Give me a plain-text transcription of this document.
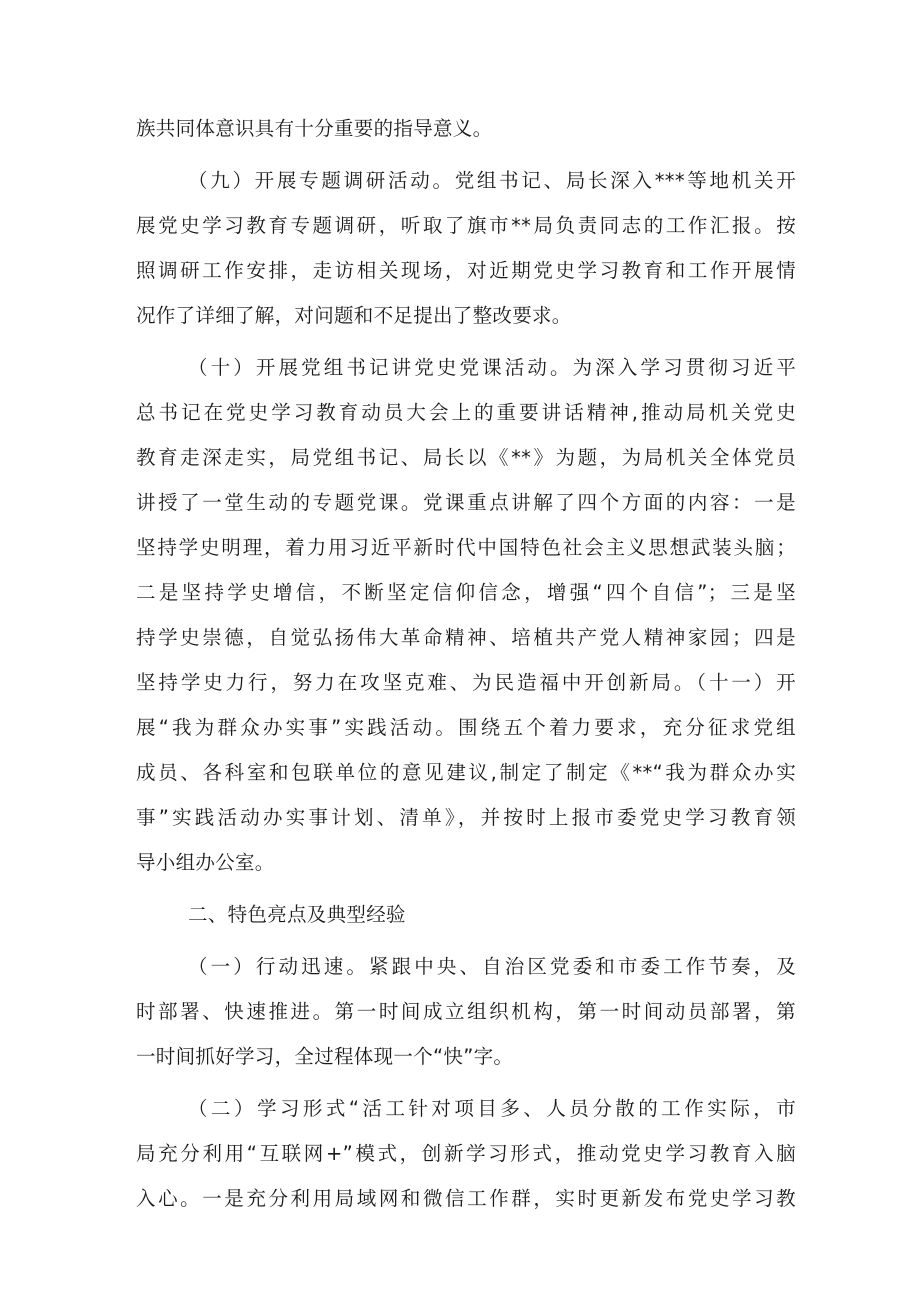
族共同体意识具有十分重要的指导意义。
（九）开展专题调研活动。党组书记、局长深入***等地机关开
展党史学习教育专题调研，听取了旗市**局负责同志的工作汇报。按
照调研工作安排，走访相关现场，对近期党史学习教育和工作开展情
况作了详细了解，对问题和不足提出了整改要求。
（十）开展党组书记讲党史党课活动。为深入学习贯彻习近平
总书记在党史学习教育动员大会上的重要讲话精神,推动局机关党史
教育走深走实，局党组书记、局长以《**》为题，为局机关全体党员
讲授了一堂生动的专题党课。党课重点讲解了四个方面的内容：一是
坚持学史明理，着力用习近平新时代中国特色社会主义思想武装头脑；
二是坚持学史增信，不断坚定信仰信念，增强“四个自信”；三是坚
持学史崇德，自觉弘扬伟大革命精神、培植共产党人精神家园；四是
坚持学史力行，努力在攻坚克难、为民造福中开创新局。（十一）开
展“我为群众办实事”实践活动。围绕五个着力要求，充分征求党组
成员、各科室和包联单位的意见建议,制定了制定《**“我为群众办实
事”实践活动办实事计划、清单》，并按时上报市委党史学习教育领
导小组办公室。
二、特色亮点及典型经验
（一）行动迅速。紧跟中央、自治区党委和市委工作节奏，及
时部署、快速推进。第一时间成立组织机构，第一时间动员部署，第
一时间抓好学习，全过程体现一个“快”字。
（二）学习形式“活工针对项目多、人员分散的工作实际，市
局充分利用“互联网+”模式，创新学习形式，推动党史学习教育入脑
入心。一是充分利用局域网和微信工作群，实时更新发布党史学习教
